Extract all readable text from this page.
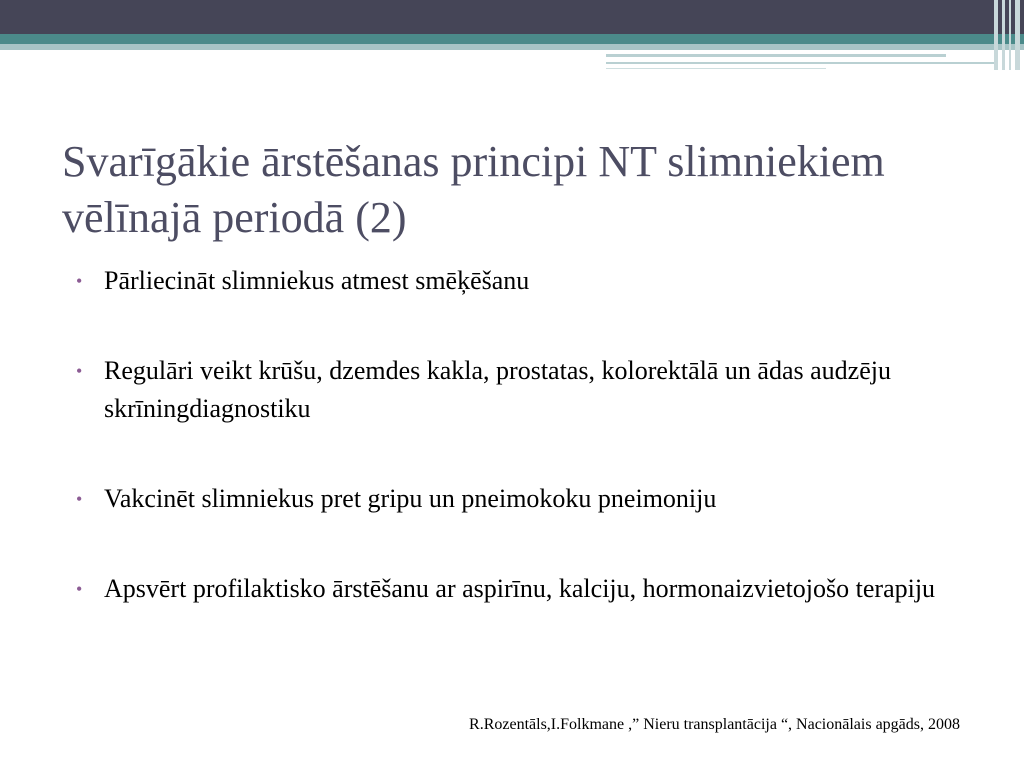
Svarīgākie ārstēšanas principi NT slimniekiem vēlīnajā periodā (2)
• Pārliecināt slimniekus atmest smēķēšanu
• Regulāri veikt krūšu, dzemdes kakla, prostatas, kolorektālā un ādas audzēju skrīningdiagnostiku
• Vakcinēt slimniekus pret gripu un pneimokoku pneimoniju
• Apsvērt profilaktisko ārstēšanu ar aspirīnu, kalciju, hormonaizvietojošo terapiju

R.Rozentāls,I.Folkmane ,” Nieru transplantācija “, Nacionālais apgāds, 2008
